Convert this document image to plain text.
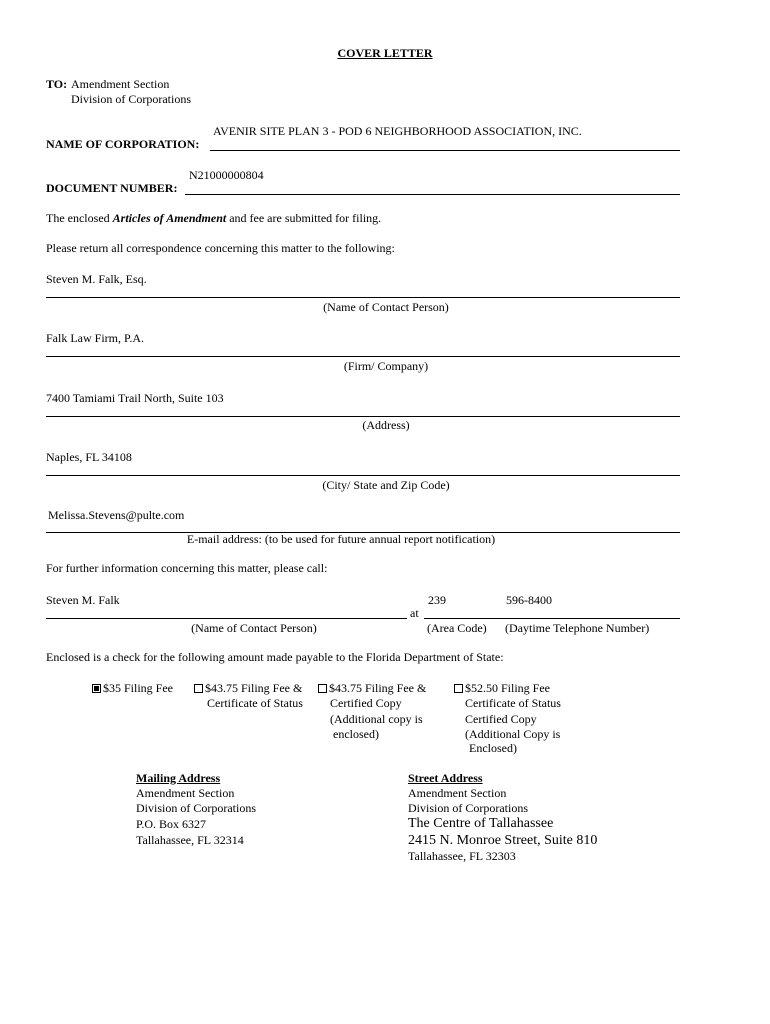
COVER LETTER
TO: Amendment Section
Division of Corporations
AVENIR SITE PLAN 3 - POD 6 NEIGHBORHOOD ASSOCIATION, INC.
NAME OF CORPORATION:
N21000000804
DOCUMENT NUMBER:
The enclosed Articles of Amendment and fee are submitted for filing.
Please return all correspondence concerning this matter to the following:
Steven M. Falk, Esq.
(Name of Contact Person)
Falk Law Firm, P.A.
(Firm/ Company)
7400 Tamiami Trail North, Suite 103
(Address)
Naples, FL 34108
(City/ State and Zip Code)
Melissa.Stevens@pulte.com
E-mail address: (to be used for future annual report notification)
For further information concerning this matter, please call:
Steven M. Falk
at
239	596-8400
(Name of Contact Person)	(Area Code) (Daytime Telephone Number)
Enclosed is a check for the following amount made payable to the Florida Department of State:
$35 Filing Fee	$43.75 Filing Fee &
Certificate of Status
$43.75 Filing Fee &
Certified Copy
(Additional copy is
enclosed)
$52.50 Filing Fee
Certificate of Status
Certified Copy
(Additional Copy is
Enclosed)
Mailing Address
Amendment Section
Division of Corporations
P.O. Box 6327
Tallahassee, FL 32314
Street Address
Amendment Section
Division of Corporations
The Centre of Tallahassee
2415 N. Monroe Street, Suite 810
Tallahassee, FL 32303
